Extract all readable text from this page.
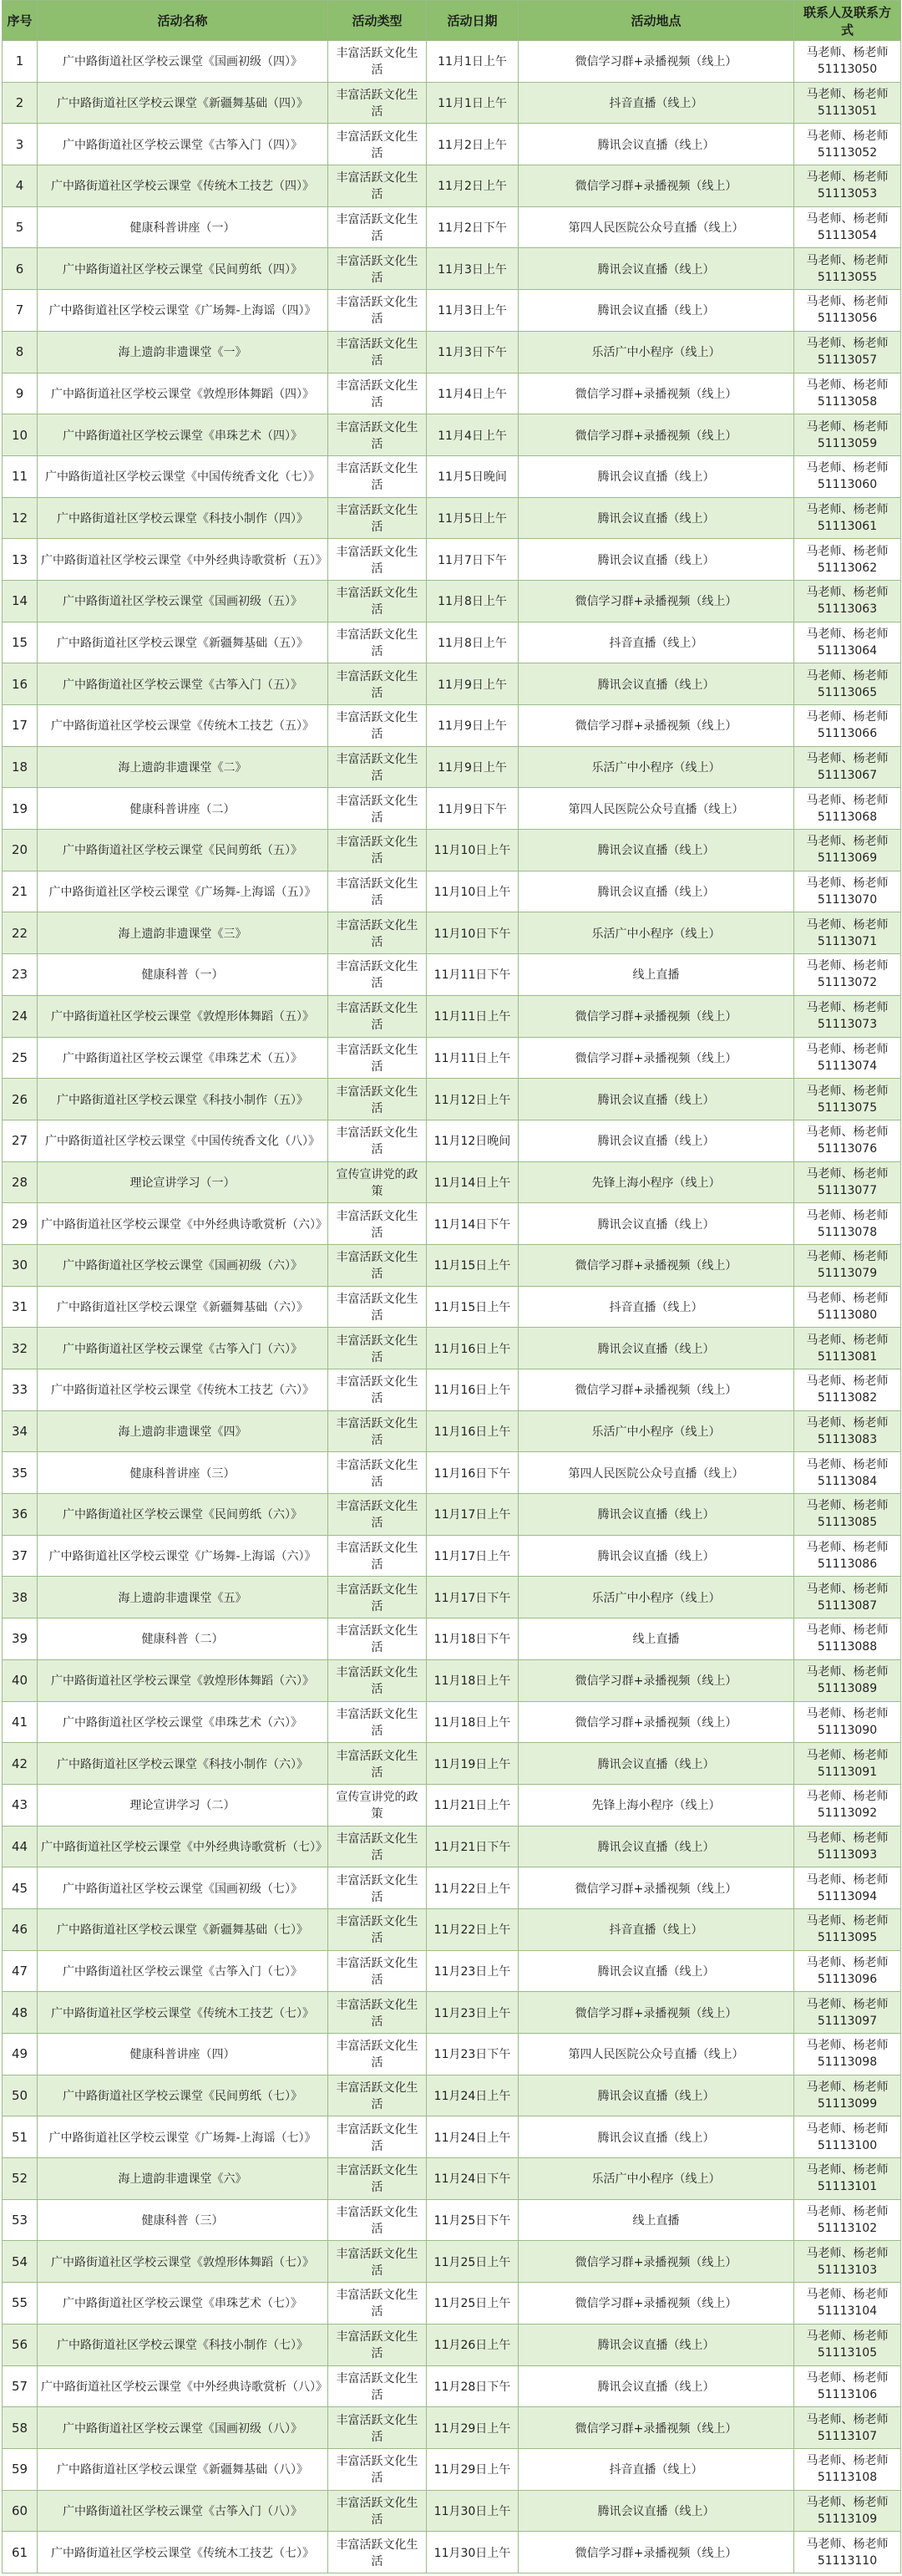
序号	活动名称	活动类型	活动日期	活动地点	联系人及联系方式
1	广中路街道社区学校云课堂《国画初级（四）》	丰富活跃文化生活	11月1日上午	微信学习群+录播视频（线上）	马老师、杨老师
51113050

2	广中路街道社区学校云课堂《新疆舞基础（四）》	丰富活跃文化生活	11月1日上午	抖音直播（线上）	马老师、杨老师
51113051

3	广中路街道社区学校云课堂《古筝入门（四）》	丰富活跃文化生活	11月2日上午	腾讯会议直播（线上）	马老师、杨老师
51113052

4	广中路街道社区学校云课堂《传统木工技艺（四）》	丰富活跃文化生活	11月2日上午	微信学习群+录播视频（线上）	马老师、杨老师
51113053

5	健康科普讲座（一）	丰富活跃文化生活	11月2日下午	第四人民医院公众号直播（线上）	马老师、杨老师
51113054

6	广中路街道社区学校云课堂《民间剪纸（四）》	丰富活跃文化生活	11月3日上午	腾讯会议直播（线上）	马老师、杨老师
51113055

7	广中路街道社区学校云课堂《广场舞-上海谣（四）》	丰富活跃文化生活	11月3日上午	腾讯会议直播（线上）	马老师、杨老师
51113056

8	海上遗韵非遗课堂《一》	丰富活跃文化生活	11月3日下午	乐活广中小程序（线上）	马老师、杨老师
51113057

9	广中路街道社区学校云课堂《敦煌形体舞蹈（四）》	丰富活跃文化生活	11月4日上午	微信学习群+录播视频（线上）	马老师、杨老师
51113058

10	广中路街道社区学校云课堂《串珠艺术（四）》	丰富活跃文化生活	11月4日上午	微信学习群+录播视频（线上）	马老师、杨老师
51113059

11	广中路街道社区学校云课堂《中国传统香文化（七）》	丰富活跃文化生活	11月5日晚间	腾讯会议直播（线上）	马老师、杨老师
51113060

12	广中路街道社区学校云课堂《科技小制作（四）》	丰富活跃文化生活	11月5日上午	腾讯会议直播（线上）	马老师、杨老师
51113061

13	广中路街道社区学校云课堂《中外经典诗歌赏析（五）》	丰富活跃文化生活	11月7日下午	腾讯会议直播（线上）	马老师、杨老师
51113062

14	广中路街道社区学校云课堂《国画初级（五）》	丰富活跃文化生活	11月8日上午	微信学习群+录播视频（线上）	马老师、杨老师
51113063

15	广中路街道社区学校云课堂《新疆舞基础（五）》	丰富活跃文化生活	11月8日上午	抖音直播（线上）	马老师、杨老师
51113064

16	广中路街道社区学校云课堂《古筝入门（五）》	丰富活跃文化生活	11月9日上午	腾讯会议直播（线上）	马老师、杨老师
51113065

17	广中路街道社区学校云课堂《传统木工技艺（五）》	丰富活跃文化生活	11月9日上午	微信学习群+录播视频（线上）	马老师、杨老师
51113066

18	海上遗韵非遗课堂《二》	丰富活跃文化生活	11月9日上午	乐活广中小程序（线上）	马老师、杨老师
51113067

19	健康科普讲座（二）	丰富活跃文化生活	11月9日下午	第四人民医院公众号直播（线上）	马老师、杨老师
51113068

20	广中路街道社区学校云课堂《民间剪纸（五）》	丰富活跃文化生活	11月10日上午	腾讯会议直播（线上）	马老师、杨老师
51113069

21	广中路街道社区学校云课堂《广场舞-上海谣（五）》	丰富活跃文化生活	11月10日上午	腾讯会议直播（线上）	马老师、杨老师
51113070

22	海上遗韵非遗课堂《三》	丰富活跃文化生活	11月10日下午	乐活广中小程序（线上）	马老师、杨老师
51113071

23	健康科普（一）	丰富活跃文化生活	11月11日下午	线上直播	马老师、杨老师
51113072

24	广中路街道社区学校云课堂《敦煌形体舞蹈（五）》	丰富活跃文化生活	11月11日上午	微信学习群+录播视频（线上）	马老师、杨老师
51113073

25	广中路街道社区学校云课堂《串珠艺术（五）》	丰富活跃文化生活	11月11日上午	微信学习群+录播视频（线上）	马老师、杨老师
51113074

26	广中路街道社区学校云课堂《科技小制作（五）》	丰富活跃文化生活	11月12日上午	腾讯会议直播（线上）	马老师、杨老师
51113075

27	广中路街道社区学校云课堂《中国传统香文化（八）》	丰富活跃文化生活	11月12日晚间	腾讯会议直播（线上）	马老师、杨老师
51113076

28	理论宣讲学习（一）	宣传宣讲党的政策	11月14日上午	先锋上海小程序（线上）	马老师、杨老师
51113077

29	广中路街道社区学校云课堂《中外经典诗歌赏析（六）》	丰富活跃文化生活	11月14日下午	腾讯会议直播（线上）	马老师、杨老师
51113078

30	广中路街道社区学校云课堂《国画初级（六）》	丰富活跃文化生活	11月15日上午	微信学习群+录播视频（线上）	马老师、杨老师
51113079

31	广中路街道社区学校云课堂《新疆舞基础（六）》	丰富活跃文化生活	11月15日上午	抖音直播（线上）	马老师、杨老师
51113080

32	广中路街道社区学校云课堂《古筝入门（六）》	丰富活跃文化生活	11月16日上午	腾讯会议直播（线上）	马老师、杨老师
51113081

33	广中路街道社区学校云课堂《传统木工技艺（六）》	丰富活跃文化生活	11月16日上午	微信学习群+录播视频（线上）	马老师、杨老师
51113082

34	海上遗韵非遗课堂《四》	丰富活跃文化生活	11月16日上午	乐活广中小程序（线上）	马老师、杨老师
51113083

35	健康科普讲座（三）	丰富活跃文化生活	11月16日下午	第四人民医院公众号直播（线上）	马老师、杨老师
51113084

36	广中路街道社区学校云课堂《民间剪纸（六）》	丰富活跃文化生活	11月17日上午	腾讯会议直播（线上）	马老师、杨老师
51113085

37	广中路街道社区学校云课堂《广场舞-上海谣（六）》	丰富活跃文化生活	11月17日上午	腾讯会议直播（线上）	马老师、杨老师
51113086

38	海上遗韵非遗课堂《五》	丰富活跃文化生活	11月17日下午	乐活广中小程序（线上）	马老师、杨老师
51113087

39	健康科普（二）	丰富活跃文化生活	11月18日下午	线上直播	马老师、杨老师
51113088

40	广中路街道社区学校云课堂《敦煌形体舞蹈（六）》	丰富活跃文化生活	11月18日上午	微信学习群+录播视频（线上）	马老师、杨老师
51113089

41	广中路街道社区学校云课堂《串珠艺术（六）》	丰富活跃文化生活	11月18日上午	微信学习群+录播视频（线上）	马老师、杨老师
51113090

42	广中路街道社区学校云课堂《科技小制作（六）》	丰富活跃文化生活	11月19日上午	腾讯会议直播（线上）	马老师、杨老师
51113091

43	理论宣讲学习（二）	宣传宣讲党的政策	11月21日上午	先锋上海小程序（线上）	马老师、杨老师
51113092

44	广中路街道社区学校云课堂《中外经典诗歌赏析（七）》	丰富活跃文化生活	11月21日下午	腾讯会议直播（线上）	马老师、杨老师
51113093

45	广中路街道社区学校云课堂《国画初级（七）》	丰富活跃文化生活	11月22日上午	微信学习群+录播视频（线上）	马老师、杨老师
51113094

46	广中路街道社区学校云课堂《新疆舞基础（七）》	丰富活跃文化生活	11月22日上午	抖音直播（线上）	马老师、杨老师
51113095

47	广中路街道社区学校云课堂《古筝入门（七）》	丰富活跃文化生活	11月23日上午	腾讯会议直播（线上）	马老师、杨老师
51113096

48	广中路街道社区学校云课堂《传统木工技艺（七）》	丰富活跃文化生活	11月23日上午	微信学习群+录播视频（线上）	马老师、杨老师
51113097

49	健康科普讲座（四）	丰富活跃文化生活	11月23日下午	第四人民医院公众号直播（线上）	马老师、杨老师
51113098

50	广中路街道社区学校云课堂《民间剪纸（七）》	丰富活跃文化生活	11月24日上午	腾讯会议直播（线上）	马老师、杨老师
51113099

51	广中路街道社区学校云课堂《广场舞-上海谣（七）》	丰富活跃文化生活	11月24日上午	腾讯会议直播（线上）	马老师、杨老师
51113100

52	海上遗韵非遗课堂《六》	丰富活跃文化生活	11月24日下午	乐活广中小程序（线上）	马老师、杨老师
51113101

53	健康科普（三）	丰富活跃文化生活	11月25日下午	线上直播	马老师、杨老师
51113102

54	广中路街道社区学校云课堂《敦煌形体舞蹈（七）》	丰富活跃文化生活	11月25日上午	微信学习群+录播视频（线上）	马老师、杨老师
51113103

55	广中路街道社区学校云课堂《串珠艺术（七）》	丰富活跃文化生活	11月25日上午	微信学习群+录播视频（线上）	马老师、杨老师
51113104

56	广中路街道社区学校云课堂《科技小制作（七）》	丰富活跃文化生活	11月26日上午	腾讯会议直播（线上）	马老师、杨老师
51113105

57	广中路街道社区学校云课堂《中外经典诗歌赏析（八）》	丰富活跃文化生活	11月28日下午	腾讯会议直播（线上）	马老师、杨老师
51113106

58	广中路街道社区学校云课堂《国画初级（八）》	丰富活跃文化生活	11月29日上午	微信学习群+录播视频（线上）	马老师、杨老师
51113107

59	广中路街道社区学校云课堂《新疆舞基础（八）》	丰富活跃文化生活	11月29日上午	抖音直播（线上）	马老师、杨老师
51113108

60	广中路街道社区学校云课堂《古筝入门（八）》	丰富活跃文化生活	11月30日上午	腾讯会议直播（线上）	马老师、杨老师
51113109

61	广中路街道社区学校云课堂《传统木工技艺（七）》	丰富活跃文化生活	11月30日上午	微信学习群+录播视频（线上）	马老师、杨老师
51113110
